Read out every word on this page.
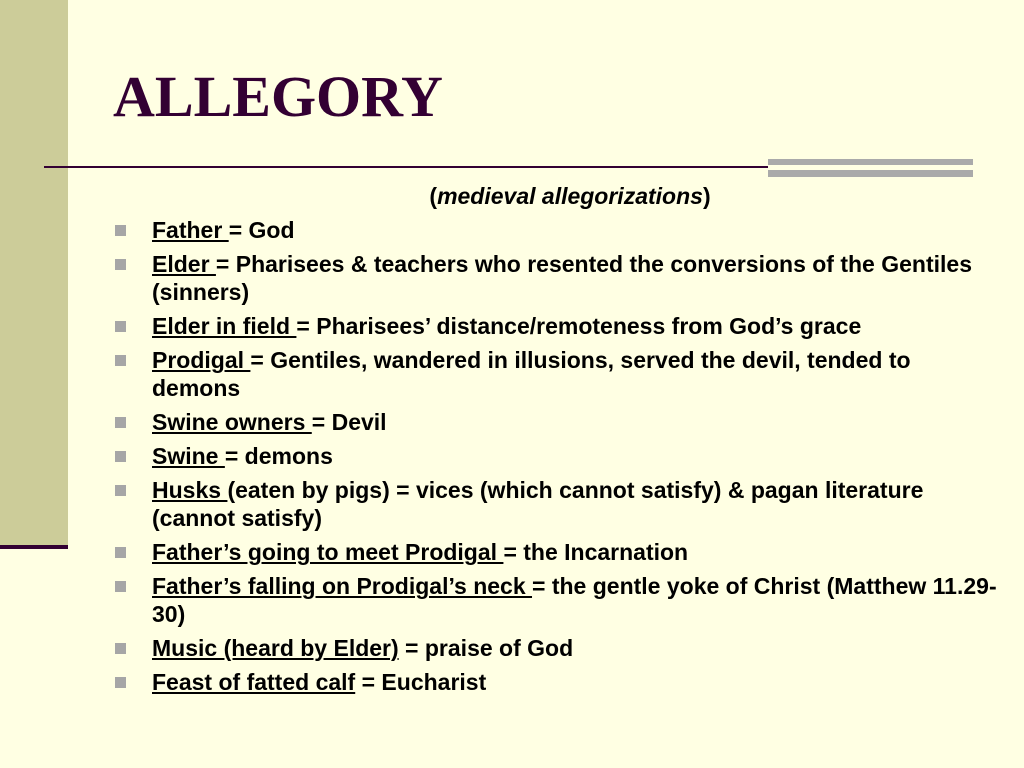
ALLEGORY
(medieval allegorizations)
Father = God
Elder = Pharisees & teachers who resented the conversions of the Gentiles (sinners)
Elder in field = Pharisees’ distance/remoteness from God’s grace
Prodigal = Gentiles, wandered in illusions, served the devil, tended to demons
Swine owners = Devil
Swine = demons
Husks (eaten by pigs) = vices (which cannot satisfy) & pagan literature (cannot satisfy)
Father’s going to meet Prodigal = the Incarnation
Father’s falling on Prodigal’s neck = the gentle yoke of Christ (Matthew 11.29-30)
Music (heard by Elder) = praise of God
Feast of fatted calf = Eucharist
